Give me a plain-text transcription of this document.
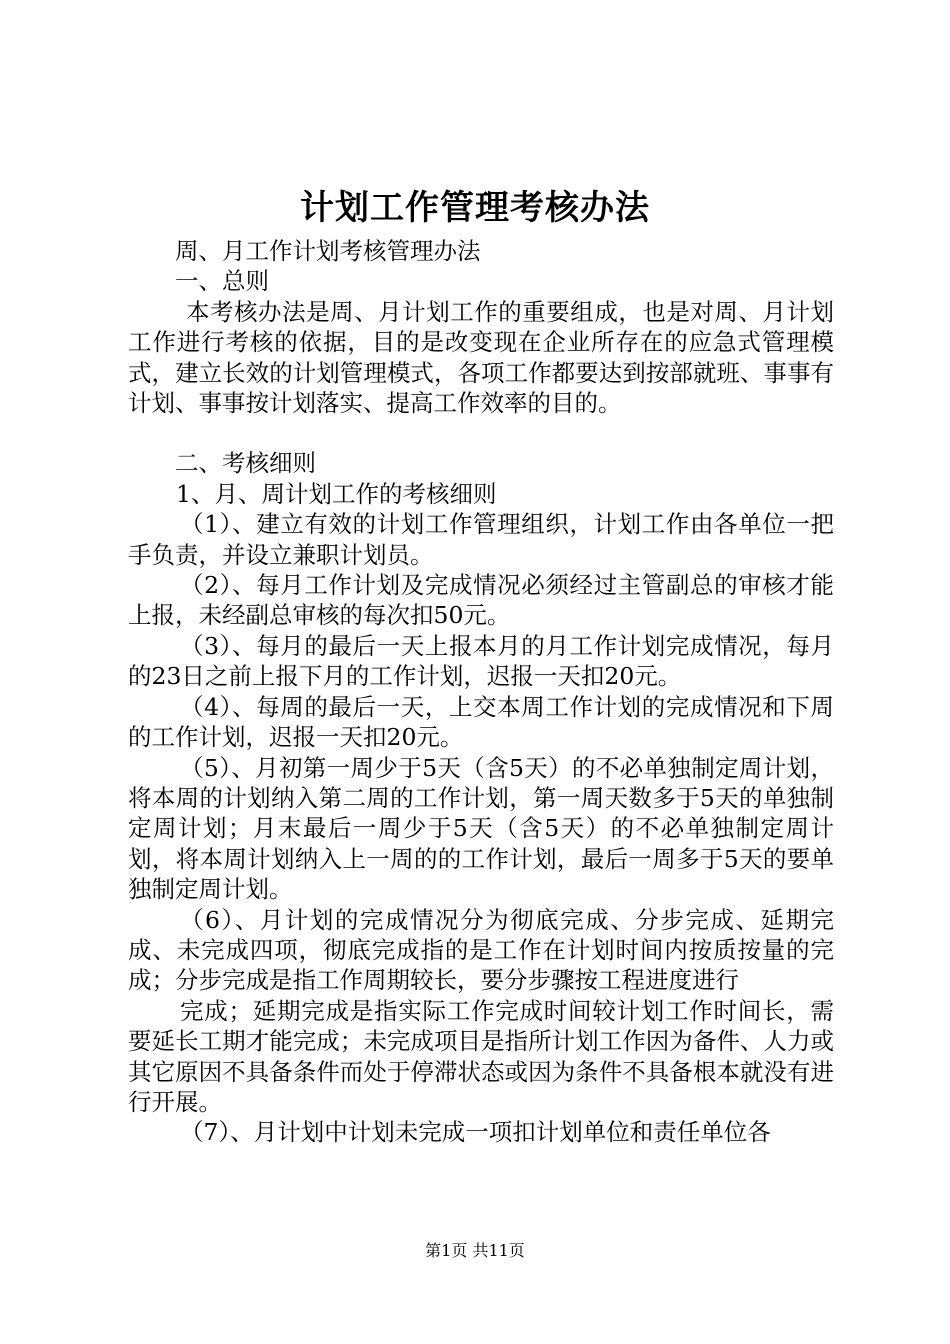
计划工作管理考核办法

周、月工作计划考核管理办法

一、总则

本考核办法是周、月计划工作的重要组成，也是对周、月计划工作进行考核的依据，目的是改变现在企业所存在的应急式管理模式，建立长效的计划管理模式，各项工作都要达到按部就班、事事有计划、事事按计划落实、提高工作效率的目的。

二、考核细则

1、月、周计划工作的考核细则

（1）、建立有效的计划工作管理组织，计划工作由各单位一把手负责，并设立兼职计划员。

（2）、每月工作计划及完成情况必须经过主管副总的审核才能上报，未经副总审核的每次扣50元。

（3）、每月的最后一天上报本月的月工作计划完成情况，每月的23日之前上报下月的工作计划，迟报一天扣20元。

（4）、每周的最后一天，上交本周工作计划的完成情况和下周的工作计划，迟报一天扣20元。

（5）、月初第一周少于5天（含5天）的不必单独制定周计划，将本周的计划纳入第二周的工作计划，第一周天数多于5天的单独制定周计划；月末最后一周少于5天（含5天）的不必单独制定周计划，将本周计划纳入上一周的的工作计划，最后一周多于5天的要单独制定周计划。

（6）、月计划的完成情况分为彻底完成、分步完成、延期完成、未完成四项，彻底完成指的是工作在计划时间内按质按量的完成；分步完成是指工作周期较长，要分步骤按工程进度进行

完成；延期完成是指实际工作完成时间较计划工作时间长，需要延长工期才能完成；未完成项目是指所计划工作因为备件、人力或其它原因不具备条件而处于停滞状态或因为条件不具备根本就没有进行开展。

（7）、月计划中计划未完成一项扣计划单位和责任单位各

第1页 共11页
